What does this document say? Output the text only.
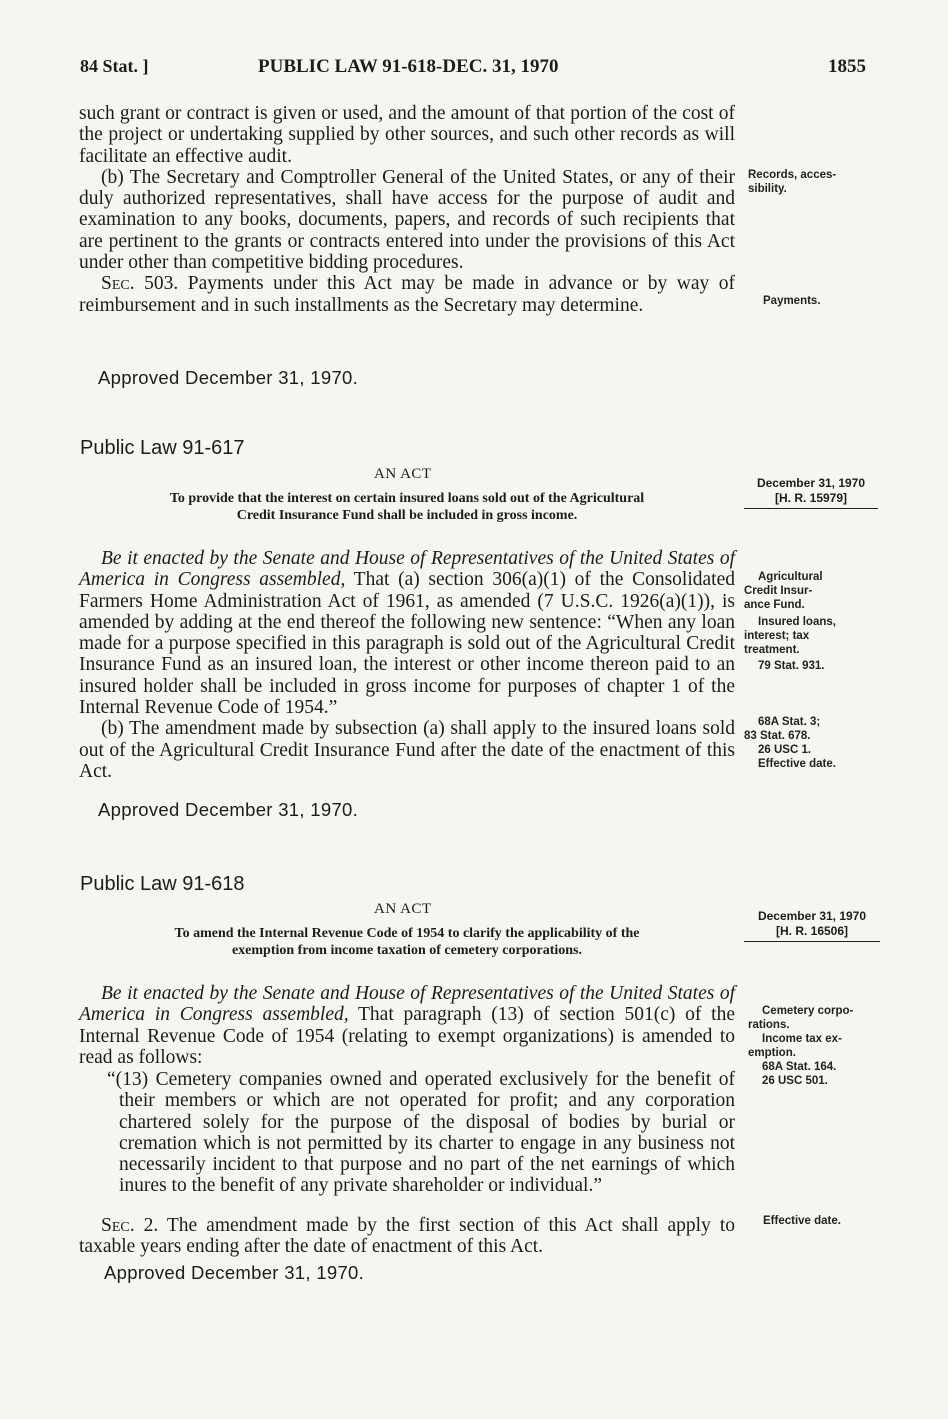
84 Stat. ]	PUBLIC LAW 91-618-DEC. 31, 1970	1855

such grant or contract is given or used, and the amount of that portion of the cost of the project or undertaking supplied by other sources, and such other records as will facilitate an effective audit.

(b) The Secretary and Comptroller General of the United States, or any of their duly authorized representatives, shall have access for the purpose of audit and examination to any books, documents, papers, and records of such recipients that are pertinent to the grants or contracts entered into under the provisions of this Act under other than competitive bidding procedures.

Sec. 503. Payments under this Act may be made in advance or by way of reimbursement and in such installments as the Secretary may determine.

Approved December 31, 1970.
Records, acces-
sibility.
Payments.
Public Law 91-617
AN ACT
To provide that the interest on certain insured loans sold out of the Agricultural
Credit Insurance Fund shall be included in gross income.
December 31, 1970
[H. R. 15979]

Be it enacted by the Senate and House of Representatives of the United States of America in Congress assembled, That (a) section 306(a)(1) of the Consolidated Farmers Home Administration Act of 1961, as amended (7 U.S.C. 1926(a)(1)), is amended by adding at the end thereof the following new sentence: “When any loan made for a purpose specified in this paragraph is sold out of the Agricultural Credit Insurance Fund as an insured loan, the interest or other income thereon paid to an insured holder shall be included in gross income for purposes of chapter 1 of the Internal Revenue Code of 1954.”

(b) The amendment made by subsection (a) shall apply to the insured loans sold out of the Agricultural Credit Insurance Fund after the date of the enactment of this Act.

Approved December 31, 1970.
Agricultural
Credit Insur-
ance Fund.
Insured loans,
interest; tax
treatment.
79 Stat. 931.
68A Stat. 3;
83 Stat. 678.
26 USC 1.
Effective date.
Public Law 91-618
AN ACT
To amend the Internal Revenue Code of 1954 to clarify the applicability of the
exemption from income taxation of cemetery corporations.
December 31, 1970
[H. R. 16506]

Be it enacted by the Senate and House of Representatives of the United States of America in Congress assembled, That paragraph (13) of section 501(c) of the Internal Revenue Code of 1954 (relating to exempt organizations) is amended to read as follows:

“(13) Cemetery companies owned and operated exclusively for the benefit of their members or which are not operated for profit; and any corporation chartered solely for the purpose of the disposal of bodies by burial or cremation which is not permitted by its charter to engage in any business not necessarily incident to that purpose and no part of the net earnings of which inures to the benefit of any private shareholder or individual.”

Sec. 2. The amendment made by the first section of this Act shall apply to taxable years ending after the date of enactment of this Act.

Approved December 31, 1970.
Cemetery corpo-
rations.
Income tax ex-
emption.
68A Stat. 164.
26 USC 501.
Effective date.
